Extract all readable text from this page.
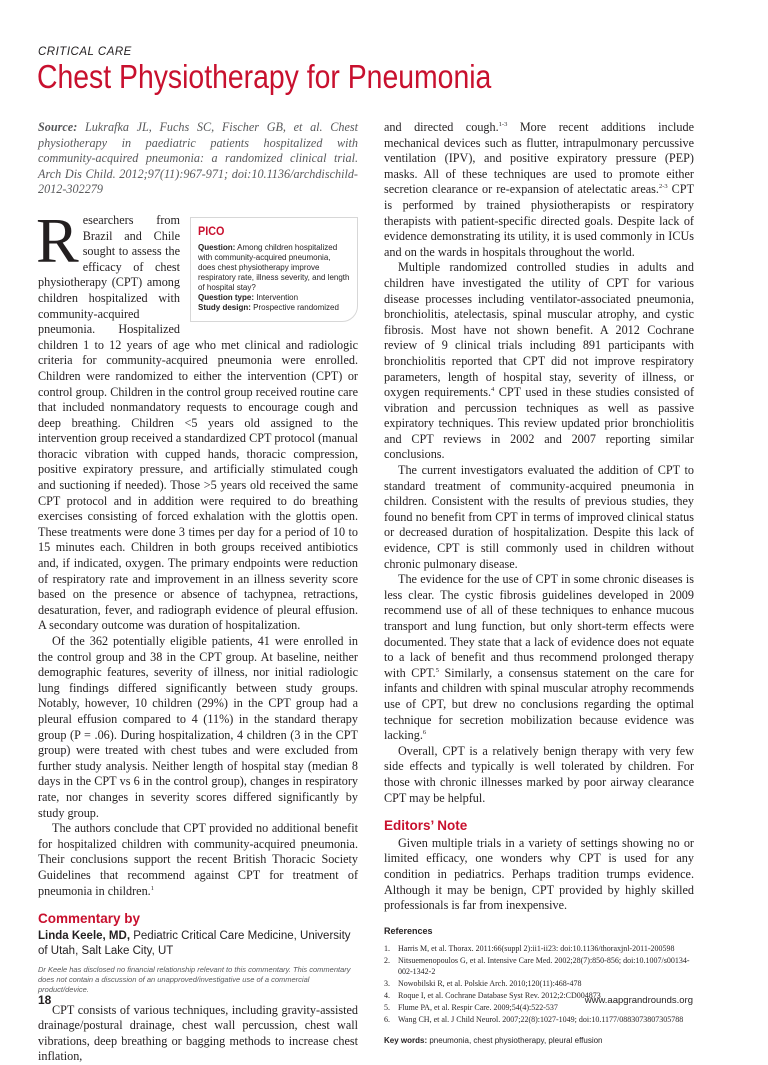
CRITICAL CARE
Chest Physiotherapy for Pneumonia

Source: Lukrafka JL, Fuchs SC, Fischer GB, et al. Chest physiotherapy in paediatric patients hospitalized with community-acquired pneumonia: a randomized clinical trial. Arch Dis Child. 2012;97(11):967-971; doi:10.1136/archdischild-2012-302279

PICO

Question: Among children hospitalized with community-acquired pneumonia, does chest physiotherapy improve respiratory rate, illness severity, and length of hospital stay?

Question type: Intervention

Study design: Prospective randomized

Researchers from Brazil and Chile sought to assess the efficacy of chest physiotherapy (CPT) among children hospitalized with community-acquired pneumonia. Hospitalized children 1 to 12 years of age who met clinical and radiologic criteria for community-acquired pneumonia were enrolled. Children were randomized to either the intervention (CPT) or control group. Children in the control group received routine care that included nonmandatory requests to encourage cough and deep breathing. Children <5 years old assigned to the intervention group received a standardized CPT protocol (manual thoracic vibration with cupped hands, thoracic compression, positive expiratory pressure, and artificially stimulated cough and suctioning if needed). Those >5 years old received the same CPT protocol and in addition were required to do breathing exercises consisting of forced exhalation with the glottis open. These treatments were done 3 times per day for a period of 10 to 15 minutes each. Children in both groups received antibiotics and, if indicated, oxygen. The primary endpoints were reduction of respiratory rate and improvement in an illness severity score based on the presence or absence of tachypnea, retractions, desaturation, fever, and radiograph evidence of pleural effusion. A secondary outcome was duration of hospitalization.

Of the 362 potentially eligible patients, 41 were enrolled in the control group and 38 in the CPT group. At baseline, neither demographic features, severity of illness, nor initial radiologic lung findings differed significantly between study groups. Notably, however, 10 children (29%) in the CPT group had a pleural effusion compared to 4 (11%) in the standard therapy group (P = .06). During hospitalization, 4 children (3 in the CPT group) were treated with chest tubes and were excluded from further study analysis. Neither length of hospital stay (median 8 days in the CPT vs 6 in the control group), changes in respiratory rate, nor changes in severity scores differed significantly by study group.

The authors conclude that CPT provided no additional benefit for hospitalized children with community-acquired pneumonia. Their conclusions support the recent British Thoracic Society Guidelines that recommend against CPT for treatment of pneumonia in children.$^1$

Commentary by

Linda Keele, MD, Pediatric Critical Care Medicine, University of Utah, Salt Lake City, UT

Dr Keele has disclosed no financial relationship relevant to this commentary. This commentary does not contain a discussion of an unapproved/investigative use of a commercial product/device.

CPT consists of various techniques, including gravity-assisted drainage/postural drainage, chest wall percussion, chest wall vibrations, deep breathing or bagging methods to increase chest inflation,

and directed cough.$^{1-3}$ More recent additions include mechanical devices such as flutter, intrapulmonary percussive ventilation (IPV), and positive expiratory pressure (PEP) masks. All of these techniques are used to promote either secretion clearance or re-expansion of atelectatic areas.$^{2-3}$ CPT is performed by trained physiotherapists or respiratory therapists with patient-specific directed goals. Despite lack of evidence demonstrating its utility, it is used commonly in ICUs and on the wards in hospitals throughout the world.

Multiple randomized controlled studies in adults and children have investigated the utility of CPT for various disease processes including ventilator-associated pneumonia, bronchiolitis, atelectasis, spinal muscular atrophy, and cystic fibrosis. Most have not shown benefit. A 2012 Cochrane review of 9 clinical trials including 891 participants with bronchiolitis reported that CPT did not improve respiratory parameters, length of hospital stay, severity of illness, or oxygen requirements.$^4$ CPT used in these studies consisted of vibration and percussion techniques as well as passive expiratory techniques. This review updated prior bronchiolitis and CPT reviews in 2002 and 2007 reporting similar conclusions.

The current investigators evaluated the addition of CPT to standard treatment of community-acquired pneumonia in children. Consistent with the results of previous studies, they found no benefit from CPT in terms of improved clinical status or decreased duration of hospitalization. Despite this lack of evidence, CPT is still commonly used in children without chronic pulmonary disease.

The evidence for the use of CPT in some chronic diseases is less clear. The cystic fibrosis guidelines developed in 2009 recommend use of all of these techniques to enhance mucous transport and lung function, but only short-term effects were documented. They state that a lack of evidence does not equate to a lack of benefit and thus recommend prolonged therapy with CPT.$^5$ Similarly, a consensus statement on the care for infants and children with spinal muscular atrophy recommends use of CPT, but drew no conclusions regarding the optimal technique for secretion mobilization because evidence was lacking.$^6$

Overall, CPT is a relatively benign therapy with very few side effects and typically is well tolerated by children. For those with chronic illnesses marked by poor airway clearance CPT may be helpful.

Editors’ Note

Given multiple trials in a variety of settings showing no or limited efficacy, one wonders why CPT is used for any condition in pediatrics. Perhaps tradition trumps evidence. Although it may be benign, CPT provided by highly skilled professionals is far from inexpensive.

References

1.	Harris M, et al. Thorax. 2011:66(suppl 2):ii1-ii23: doi:10.1136/thoraxjnl-2011-200598
2.	Nitsuemenopoulos G, et al. Intensive Care Med. 2002;28(7):850-856; doi:10.1007/s00134-002-1342-2
3.	Nowobilski R, et al. Polskie Arch. 2010;120(11):468-478
4.	Roque I, et al. Cochrane Database Syst Rev. 2012;2:CD004873
5.	Flume PA, et al. Respir Care. 2009;54(4):522-537
6.	Wang CH, et al. J Child Neurol. 2007;22(8):1027-1049; doi:10.1177/0883073807305788

Key words: pneumonia, chest physiotherapy, pleural effusion

18	www.aapgrandrounds.org
